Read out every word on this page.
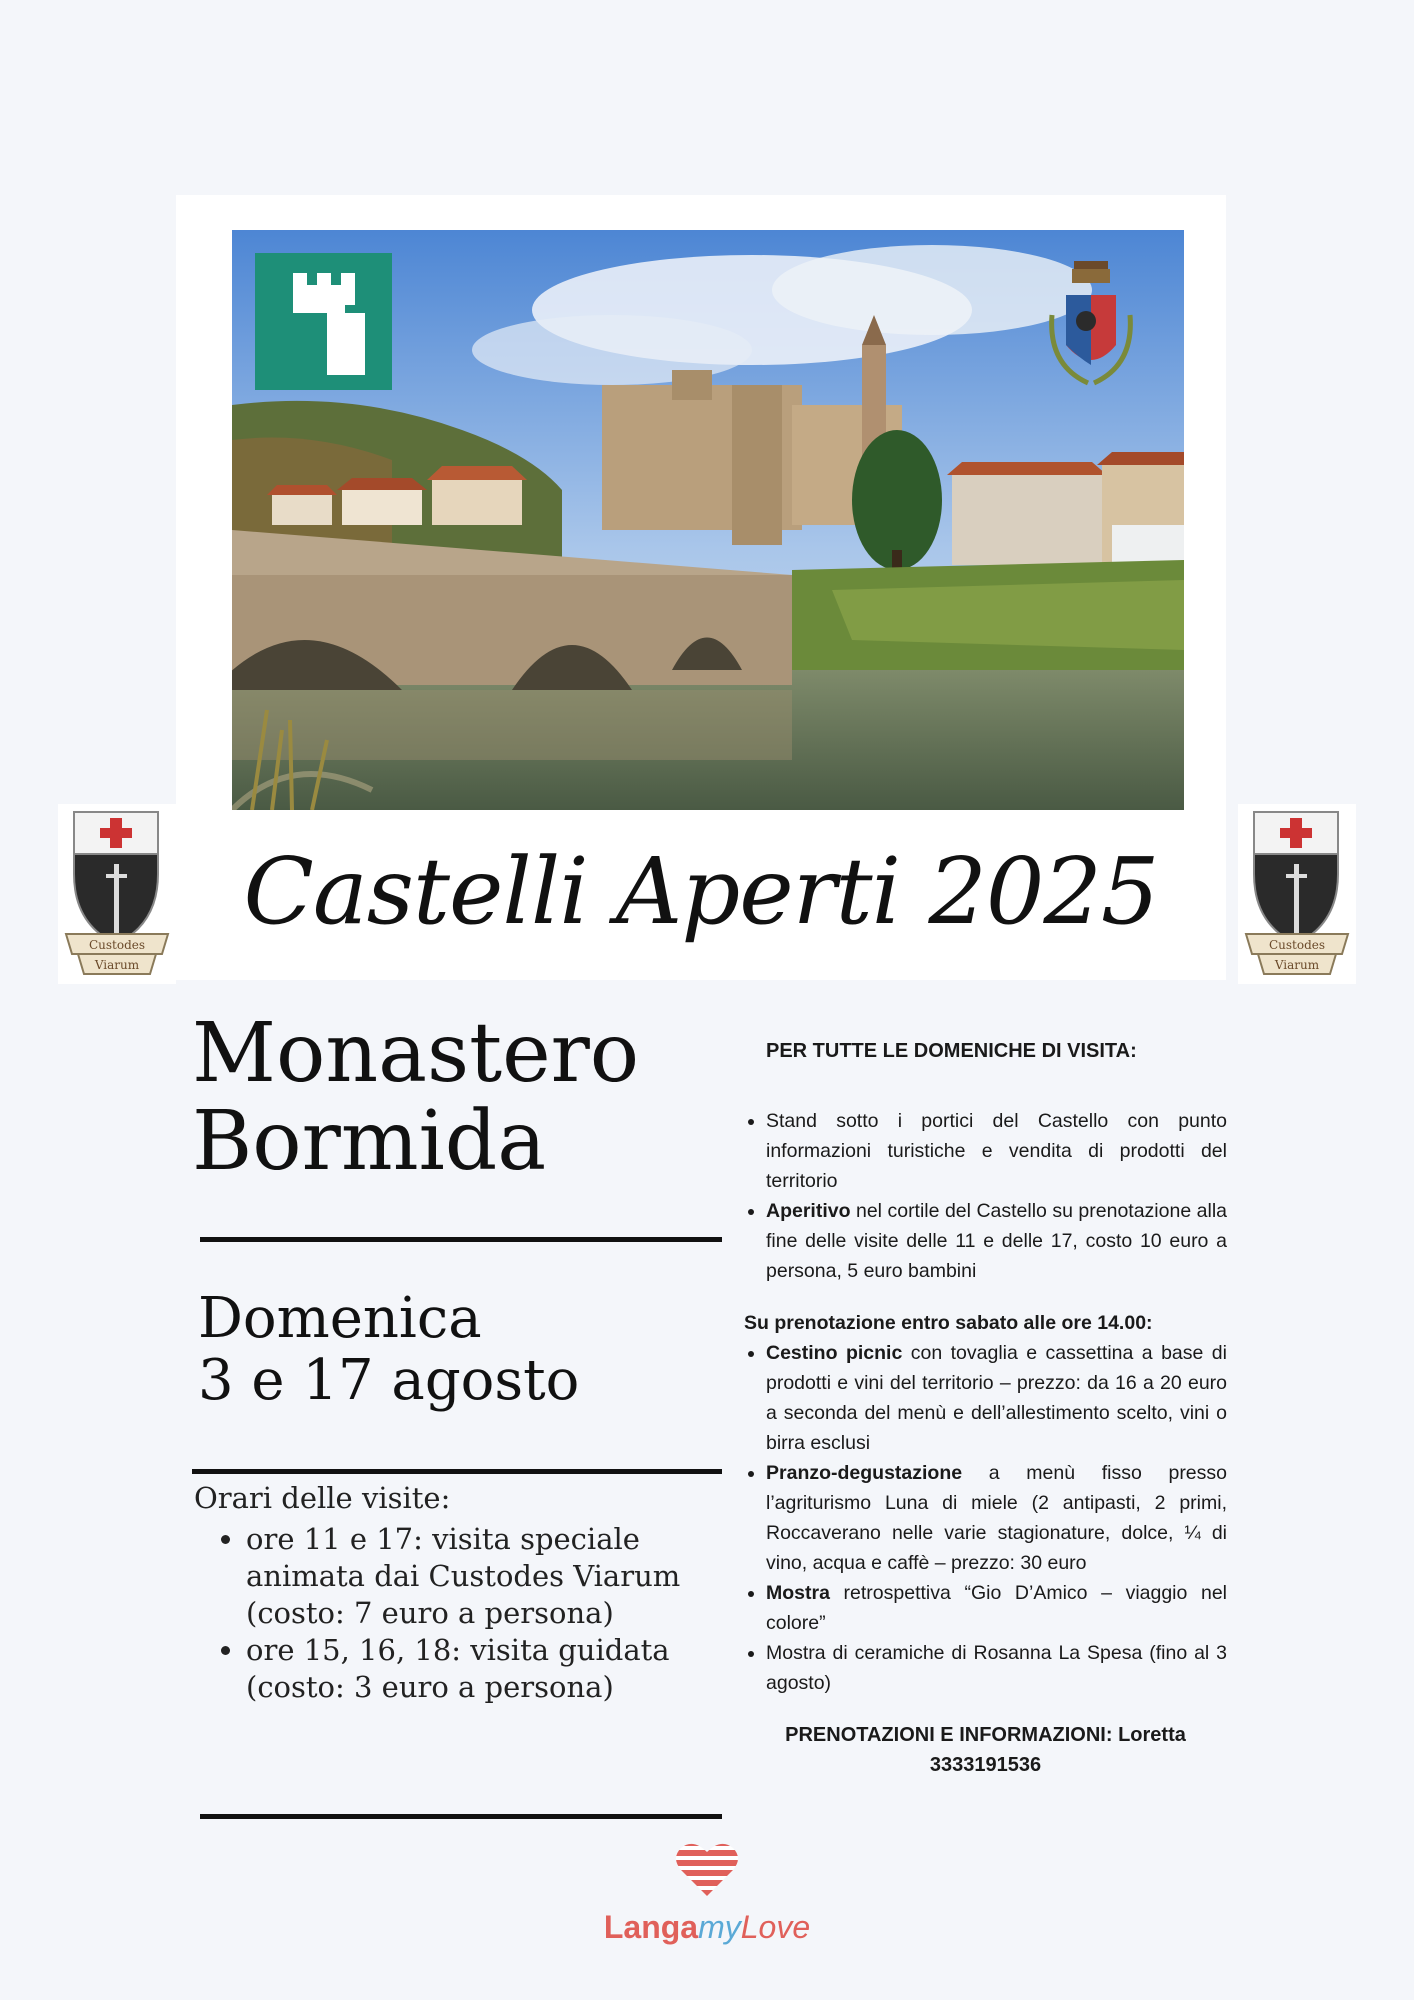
Custodes
Viarum
Custodes
Viarum
Castelli Aperti 2025
Monastero
Bormida
Domenica
3 e 17 agosto
Orari delle visite:
• ore 11 e 17: visita speciale animata dai Custodes Viarum (costo: 7 euro a persona)
• ore 15, 16, 18: visita guidata (costo: 3 euro a persona)
PER TUTTE LE DOMENICHE DI VISITA:
• Stand sotto i portici del Castello con punto informazioni turistiche e vendita di prodotti del territorio
• Aperitivo nel cortile del Castello su prenotazione alla fine delle visite delle 11 e delle 17, costo 10 euro a persona, 5 euro bambini
Su prenotazione entro sabato alle ore 14.00:
• Cestino picnic con tovaglia e cassettina a base di prodotti e vini del territorio – prezzo: da 16 a 20 euro a seconda del menù e dell’allestimento scelto, vini o birra esclusi
• Pranzo-degustazione a menù fisso presso l’agriturismo Luna di miele (2 antipasti, 2 primi, Roccaverano nelle varie stagionature, dolce, ¼ di vino, acqua e caffè – prezzo: 30 euro
• Mostra retrospettiva “Gio D’Amico – viaggio nel colore”
• Mostra di ceramiche di Rosanna La Spesa (fino al 3 agosto)
PRENOTAZIONI E INFORMAZIONI: Loretta
3333191536
LangamyLove
